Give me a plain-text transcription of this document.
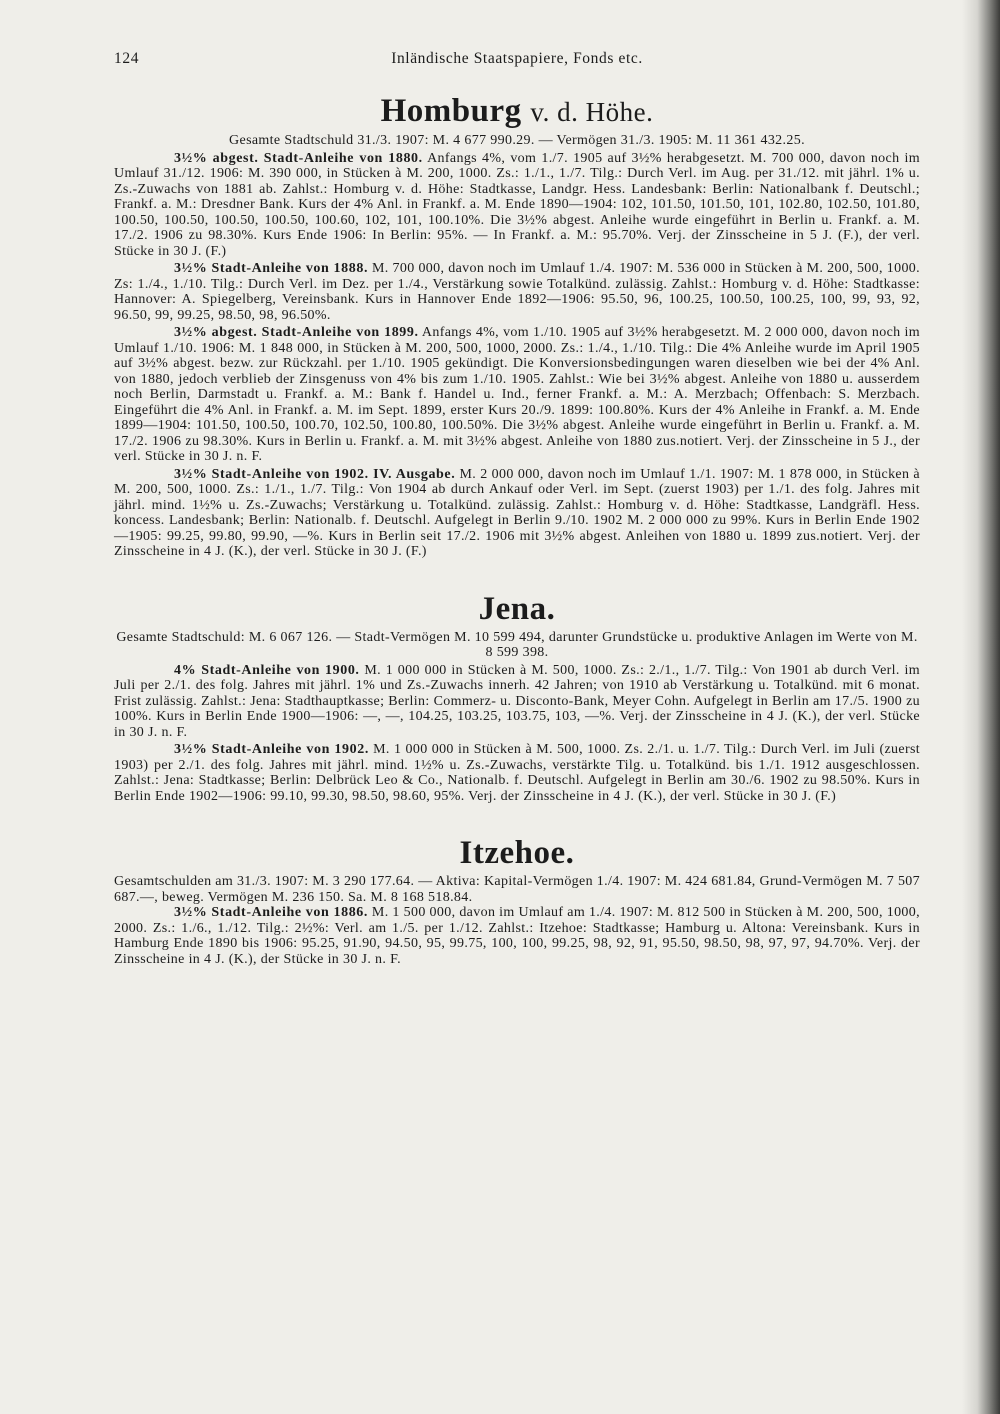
124	Inländische Staatspapiere, Fonds etc.
Homburg v. d. Höhe.

Gesamte Stadtschuld 31./3. 1907: M. 4 677 990.29. — Vermögen 31./3. 1905: M. 11 361 432.25.

3½% abgest. Stadt-Anleihe von 1880. Anfangs 4%, vom 1./7. 1905 auf 3½% herabgesetzt. M. 700 000, davon noch im Umlauf 31./12. 1906: M. 390 000, in Stücken à M. 200, 1000. Zs.: 1./1., 1./7. Tilg.: Durch Verl. im Aug. per 31./12. mit jährl. 1% u. Zs.-Zuwachs von 1881 ab. Zahlst.: Homburg v. d. Höhe: Stadtkasse, Landgr. Hess. Landesbank: Berlin: Nationalbank f. Deutschl.; Frankf. a. M.: Dresdner Bank. Kurs der 4% Anl. in Frankf. a. M. Ende 1890—1904: 102, 101.50, 101.50, 101, 102.80, 102.50, 101.80, 100.50, 100.50, 100.50, 100.50, 100.60, 102, 101, 100.10%. Die 3½% abgest. Anleihe wurde eingeführt in Berlin u. Frankf. a. M. 17./2. 1906 zu 98.30%. Kurs Ende 1906: In Berlin: 95%. — In Frankf. a. M.: 95.70%. Verj. der Zinsscheine in 5 J. (F.), der verl. Stücke in 30 J. (F.)

3½% Stadt-Anleihe von 1888. M. 700 000, davon noch im Umlauf 1./4. 1907: M. 536 000 in Stücken à M. 200, 500, 1000. Zs: 1./4., 1./10. Tilg.: Durch Verl. im Dez. per 1./4., Verstärkung sowie Totalkünd. zulässig. Zahlst.: Homburg v. d. Höhe: Stadtkasse: Hannover: A. Spiegelberg, Vereinsbank. Kurs in Hannover Ende 1892—1906: 95.50, 96, 100.25, 100.50, 100.25, 100, 99, 93, 92, 96.50, 99, 99.25, 98.50, 98, 96.50%.

3½% abgest. Stadt-Anleihe von 1899. Anfangs 4%, vom 1./10. 1905 auf 3½% herabgesetzt. M. 2 000 000, davon noch im Umlauf 1./10. 1906: M. 1 848 000, in Stücken à M. 200, 500, 1000, 2000. Zs.: 1./4., 1./10. Tilg.: Die 4% Anleihe wurde im April 1905 auf 3½% abgest. bezw. zur Rückzahl. per 1./10. 1905 gekündigt. Die Konversionsbedingungen waren dieselben wie bei der 4% Anl. von 1880, jedoch verblieb der Zinsgenuss von 4% bis zum 1./10. 1905. Zahlst.: Wie bei 3½% abgest. Anleihe von 1880 u. ausserdem noch Berlin, Darmstadt u. Frankf. a. M.: Bank f. Handel u. Ind., ferner Frankf. a. M.: A. Merzbach; Offenbach: S. Merzbach. Eingeführt die 4% Anl. in Frankf. a. M. im Sept. 1899, erster Kurs 20./9. 1899: 100.80%. Kurs der 4% Anleihe in Frankf. a. M. Ende 1899—1904: 101.50, 100.50, 100.70, 102.50, 100.80, 100.50%. Die 3½% abgest. Anleihe wurde eingeführt in Berlin u. Frankf. a. M. 17./2. 1906 zu 98.30%. Kurs in Berlin u. Frankf. a. M. mit 3½% abgest. Anleihe von 1880 zus.notiert. Verj. der Zinsscheine in 5 J., der verl. Stücke in 30 J. n. F.

3½% Stadt-Anleihe von 1902. IV. Ausgabe. M. 2 000 000, davon noch im Umlauf 1./1. 1907: M. 1 878 000, in Stücken à M. 200, 500, 1000. Zs.: 1./1., 1./7. Tilg.: Von 1904 ab durch Ankauf oder Verl. im Sept. (zuerst 1903) per 1./1. des folg. Jahres mit jährl. mind. 1½% u. Zs.-Zuwachs; Verstärkung u. Totalkünd. zulässig. Zahlst.: Homburg v. d. Höhe: Stadtkasse, Landgräfl. Hess. koncess. Landesbank; Berlin: Nationalb. f. Deutschl. Aufgelegt in Berlin 9./10. 1902 M. 2 000 000 zu 99%. Kurs in Berlin Ende 1902—1905: 99.25, 99.80, 99.90, —%. Kurs in Berlin seit 17./2. 1906 mit 3½% abgest. Anleihen von 1880 u. 1899 zus.notiert. Verj. der Zinsscheine in 4 J. (K.), der verl. Stücke in 30 J. (F.)

Jena.

Gesamte Stadtschuld: M. 6 067 126. — Stadt-Vermögen M. 10 599 494, darunter Grundstücke u. produktive Anlagen im Werte von M. 8 599 398.

4% Stadt-Anleihe von 1900. M. 1 000 000 in Stücken à M. 500, 1000. Zs.: 2./1., 1./7. Tilg.: Von 1901 ab durch Verl. im Juli per 2./1. des folg. Jahres mit jährl. 1% und Zs.-Zuwachs innerh. 42 Jahren; von 1910 ab Verstärkung u. Totalkünd. mit 6 monat. Frist zulässig. Zahlst.: Jena: Stadthauptkasse; Berlin: Commerz- u. Disconto-Bank, Meyer Cohn. Aufgelegt in Berlin am 17./5. 1900 zu 100%. Kurs in Berlin Ende 1900—1906: —, —, 104.25, 103.25, 103.75, 103, —%. Verj. der Zinsscheine in 4 J. (K.), der verl. Stücke in 30 J. n. F.

3½% Stadt-Anleihe von 1902. M. 1 000 000 in Stücken à M. 500, 1000. Zs. 2./1. u. 1./7. Tilg.: Durch Verl. im Juli (zuerst 1903) per 2./1. des folg. Jahres mit jährl. mind. 1½% u. Zs.-Zuwachs, verstärkte Tilg. u. Totalkünd. bis 1./1. 1912 ausgeschlossen. Zahlst.: Jena: Stadtkasse; Berlin: Delbrück Leo & Co., Nationalb. f. Deutschl. Aufgelegt in Berlin am 30./6. 1902 zu 98.50%. Kurs in Berlin Ende 1902—1906: 99.10, 99.30, 98.50, 98.60, 95%. Verj. der Zinsscheine in 4 J. (K.), der verl. Stücke in 30 J. (F.)

Itzehoe.

Gesamtschulden am 31./3. 1907: M. 3 290 177.64. — Aktiva: Kapital-Vermögen 1./4. 1907: M. 424 681.84, Grund-Vermögen M. 7 507 687.—, beweg. Vermögen M. 236 150. Sa. M. 8 168 518.84.

3½% Stadt-Anleihe von 1886. M. 1 500 000, davon im Umlauf am 1./4. 1907: M. 812 500 in Stücken à M. 200, 500, 1000, 2000. Zs.: 1./6., 1./12. Tilg.: 2½%: Verl. am 1./5. per 1./12. Zahlst.: Itzehoe: Stadtkasse; Hamburg u. Altona: Vereinsbank. Kurs in Hamburg Ende 1890 bis 1906: 95.25, 91.90, 94.50, 95, 99.75, 100, 100, 99.25, 98, 92, 91, 95.50, 98.50, 98, 97, 97, 94.70%. Verj. der Zinsscheine in 4 J. (K.), der Stücke in 30 J. n. F.
